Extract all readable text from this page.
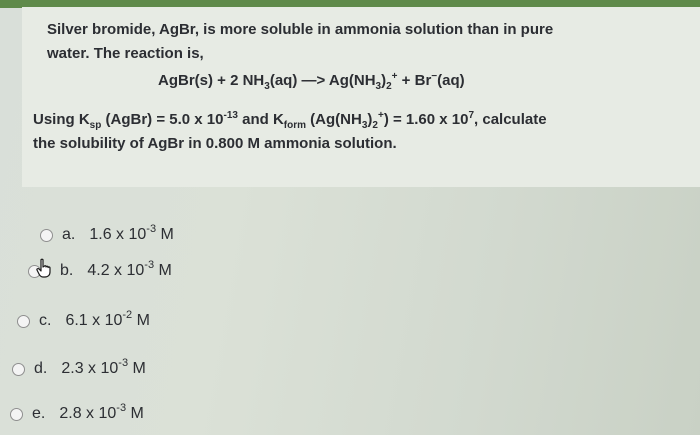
Silver bromide, AgBr, is more soluble in ammonia solution than in pure
water. The reaction is,
AgBr(s) + 2 $NH_3(aq)$ —> $Ag(NH_3)_2^+ + Br^-(aq)$
Using $K_{sp}$ (AgBr) = 5.0 x $10^{-13}$ and $K_{form}$ $(Ag(NH_3)_2^+) = 1.60$ x $10^7$, calculate
the solubility of AgBr in 0.800 M ammonia solution.
a. 1.6 x $10^{-3}$ M
b. 4.2 x $10^{-3}$ M
c. 6.1 x $10^{-2}$ M
d. 2.3 x $10^{-3}$ M
e. 2.8 x $10^{-3}$ M
